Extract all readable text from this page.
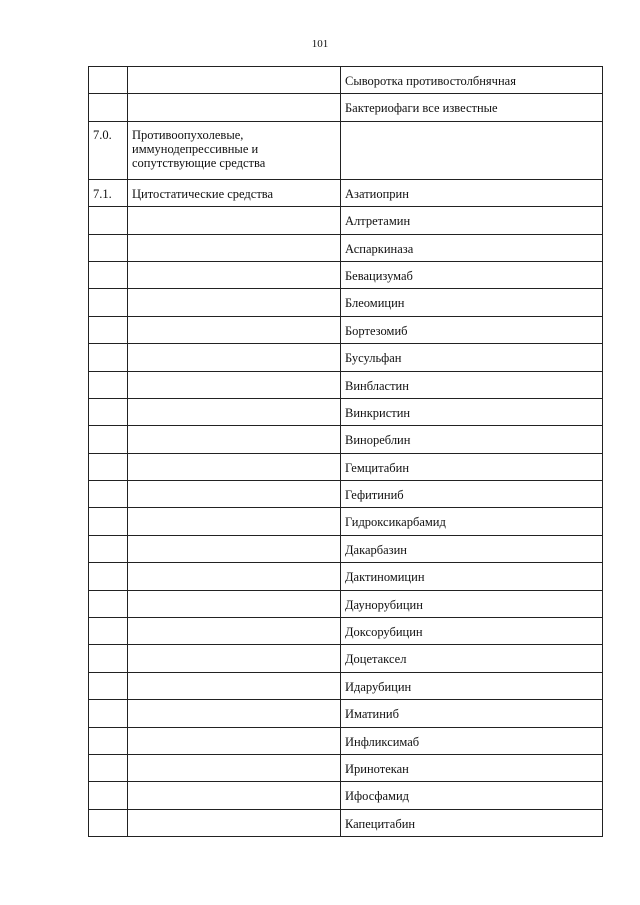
101
		Сыворотка противостолбнячная
		Бактериофаги все известные
7.0.	Противоопухолевые, иммунодепрессивные и сопутствующие средства	
7.1.	Цитостатические средства	Азатиоприн
		Алтретамин
		Аспаркиназа
		Бевацизумаб
		Блеомицин
		Бортезомиб
		Бусульфан
		Винбластин
		Винкристин
		Винореблин
		Гемцитабин
		Гефитиниб
		Гидроксикарбамид
		Дакарбазин
		Дактиномицин
		Даунорубицин
		Доксорубицин
		Доцетаксел
		Идарубицин
		Иматиниб
		Инфликсимаб
		Иринотекан
		Ифосфамид
		Капецитабин
